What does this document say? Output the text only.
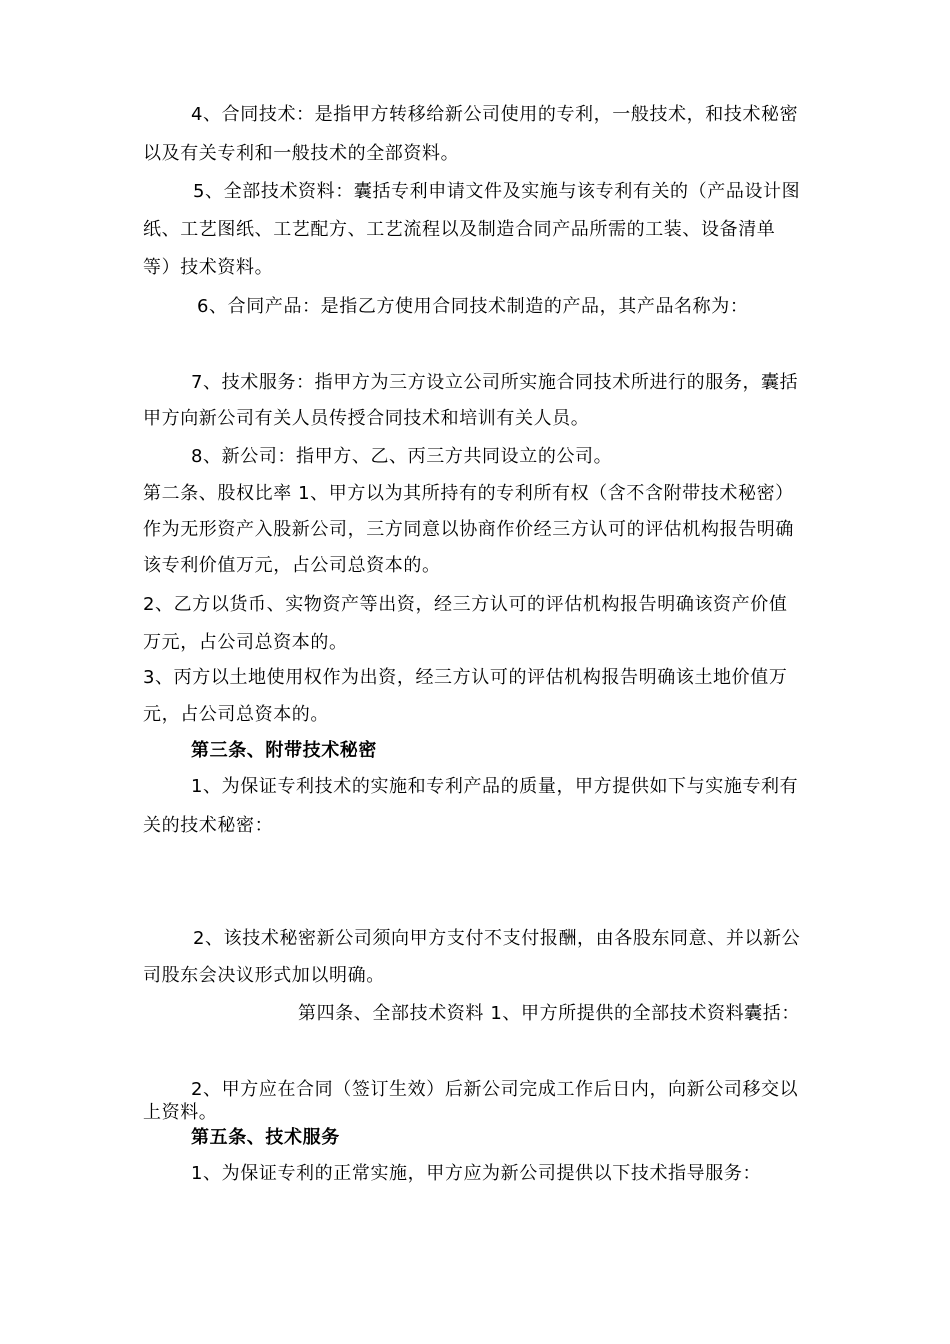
4、合同技术：是指甲方转移给新公司使用的专利，一般技术，和技术秘密
以及有关专利和一般技术的全部资料。
5、全部技术资料：囊括专利申请文件及实施与该专利有关的（产品设计图
纸、工艺图纸、工艺配方、工艺流程以及制造合同产品所需的工装、设备清单
等）技术资料。
6、合同产品：是指乙方使用合同技术制造的产品，其产品名称为：
7、技术服务：指甲方为三方设立公司所实施合同技术所进行的服务，囊括
甲方向新公司有关人员传授合同技术和培训有关人员。
8、新公司：指甲方、乙、丙三方共同设立的公司。
第二条、股权比率 1、甲方以为其所持有的专利所有权（含不含附带技术秘密）
作为无形资产入股新公司，三方同意以协商作价经三方认可的评估机构报告明确
该专利价值万元，占公司总资本的。
2、乙方以货币、实物资产等出资，经三方认可的评估机构报告明确该资产价值
万元，占公司总资本的。
3、丙方以土地使用权作为出资，经三方认可的评估机构报告明确该土地价值万
元，占公司总资本的。
第三条、附带技术秘密
1、为保证专利技术的实施和专利产品的质量，甲方提供如下与实施专利有
关的技术秘密：
2、该技术秘密新公司须向甲方支付不支付报酬，由各股东同意、并以新公
司股东会决议形式加以明确。
第四条、全部技术资料 1、甲方所提供的全部技术资料囊括：
2、甲方应在合同（签订生效）后新公司完成工作后日内，向新公司移交以
上资料。
第五条、技术服务
1、为保证专利的正常实施，甲方应为新公司提供以下技术指导服务：
